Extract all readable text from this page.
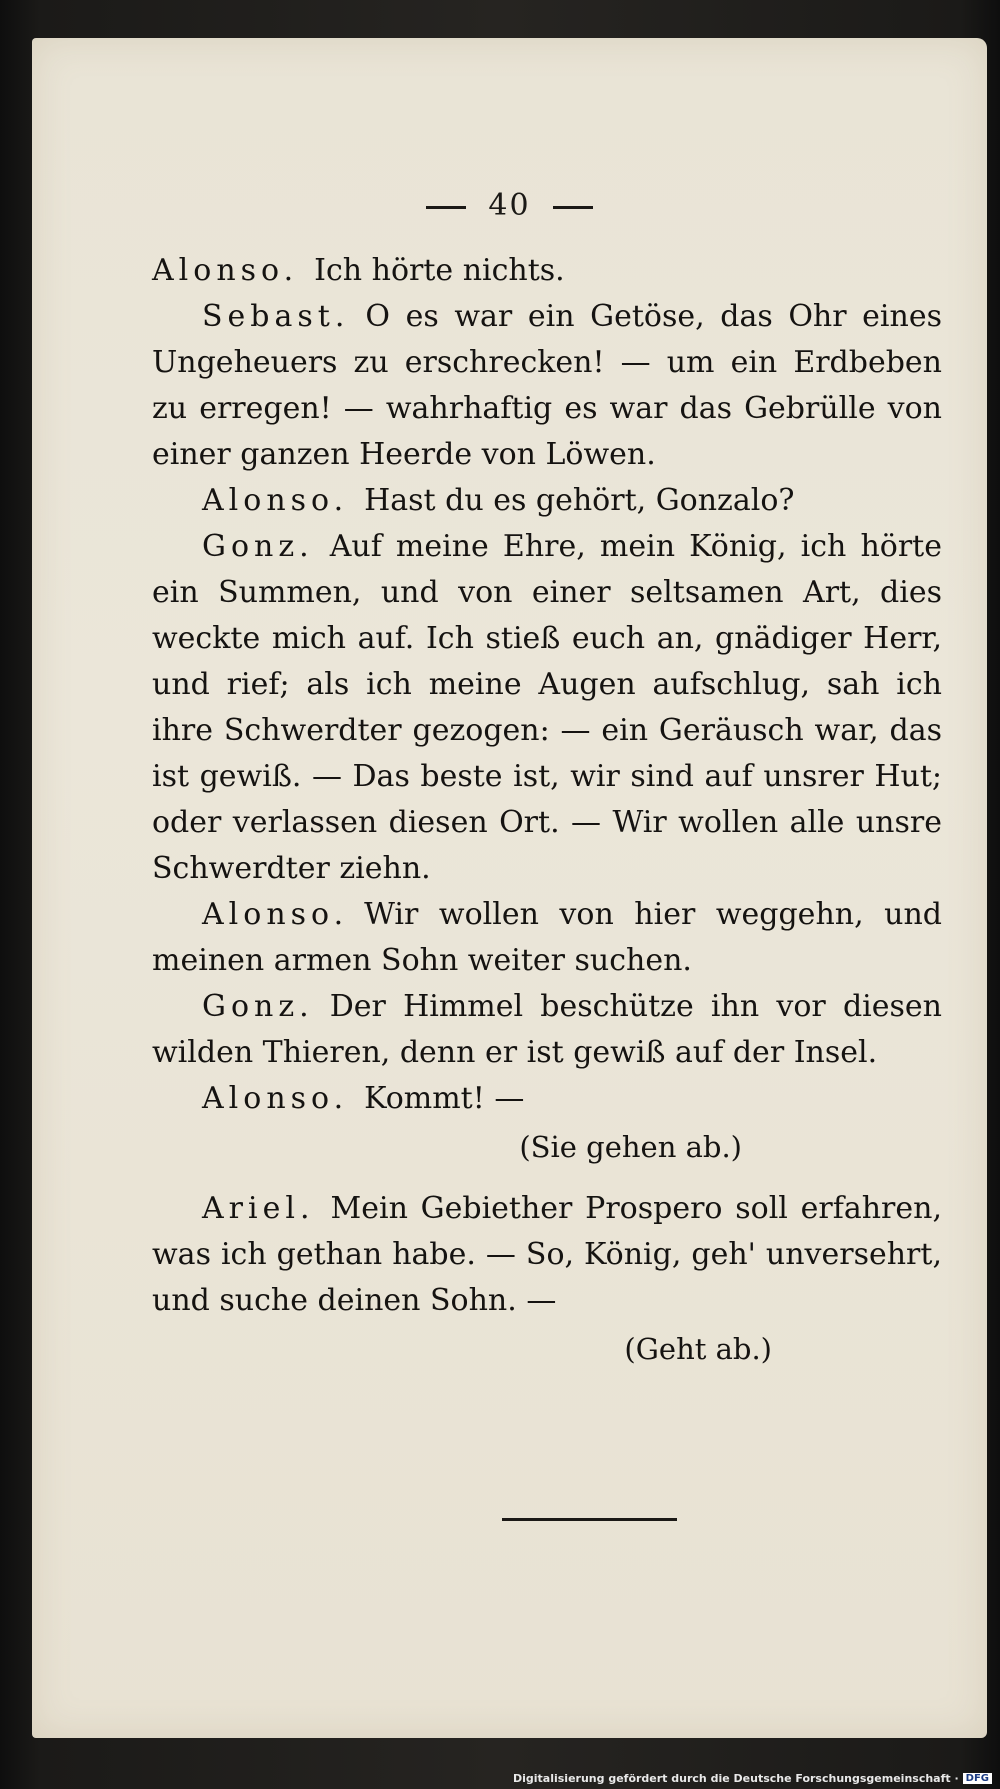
40

Alonso. Ich hörte nichts.

Sebast. O es war ein Getöse, das Ohr eines Ungeheuers zu erschrecken! — um ein Erdbeben zu erregen! — wahrhaftig es war das Gebrülle von einer ganzen Heerde von Löwen.

Alonso. Hast du es gehört, Gonzalo?

Gonz. Auf meine Ehre, mein König, ich hörte ein Summen, und von einer seltsamen Art, dies weckte mich auf. Ich stieß euch an, gnädiger Herr, und rief; als ich meine Augen aufschlug, sah ich ihre Schwerdter gezogen: — ein Geräusch war, das ist gewiß. — Das beste ist, wir sind auf unsrer Hut; oder verlassen diesen Ort. — Wir wollen alle unsre Schwerdter ziehn.

Alonso. Wir wollen von hier weggehn, und meinen armen Sohn weiter suchen.

Gonz. Der Himmel beschütze ihn vor diesen wilden Thieren, denn er ist gewiß auf der Insel.

Alonso. Kommt! —

(Sie gehen ab.)

Ariel. Mein Gebiether Prospero soll erfahren, was ich gethan habe. — So, König, geh' unversehrt, und suche deinen Sohn. —

(Geht ab.)

Digitalisierung gefördert durch die Deutsche Forschungsgemeinschaft · DFG
